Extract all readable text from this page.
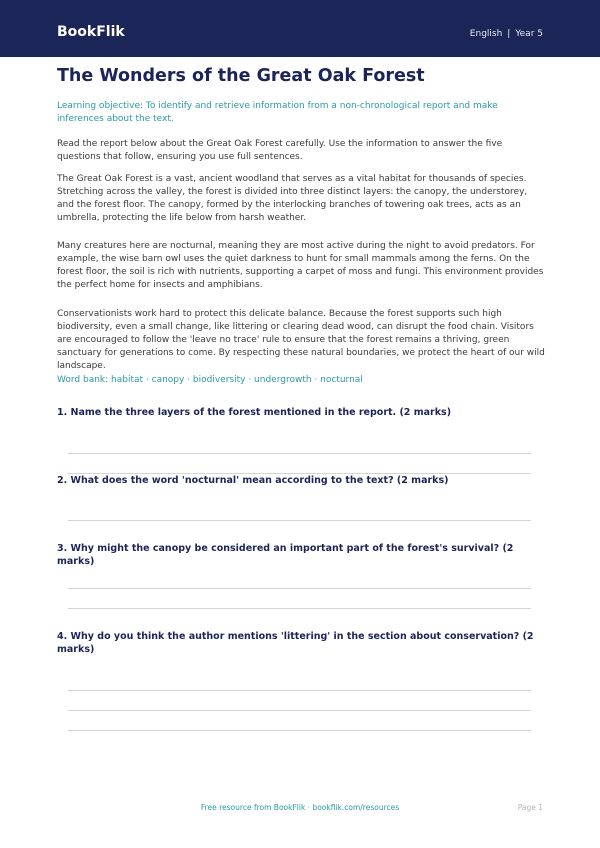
BookFlik	English | Year 5
The Wonders of the Great Oak Forest

Learning objective: To identify and retrieve information from a non-chronological report and make inferences about the text.

Read the report below about the Great Oak Forest carefully. Use the information to answer the five questions that follow, ensuring you use full sentences.

The Great Oak Forest is a vast, ancient woodland that serves as a vital habitat for thousands of species. Stretching across the valley, the forest is divided into three distinct layers: the canopy, the understorey, and the forest floor. The canopy, formed by the interlocking branches of towering oak trees, acts as an umbrella, protecting the life below from harsh weather.

Many creatures here are nocturnal, meaning they are most active during the night to avoid predators. For example, the wise barn owl uses the quiet darkness to hunt for small mammals among the ferns. On the forest floor, the soil is rich with nutrients, supporting a carpet of moss and fungi. This environment provides the perfect home for insects and amphibians.

Conservationists work hard to protect this delicate balance. Because the forest supports such high biodiversity, even a small change, like littering or clearing dead wood, can disrupt the food chain. Visitors are encouraged to follow the 'leave no trace' rule to ensure that the forest remains a thriving, green sanctuary for generations to come. By respecting these natural boundaries, we protect the heart of our wild landscape.

Word bank: habitat · canopy · biodiversity · undergrowth · nocturnal

1. Name the three layers of the forest mentioned in the report. (2 marks)

2. What does the word 'nocturnal' mean according to the text? (2 marks)

3. Why might the canopy be considered an important part of the forest's survival? (2 marks)

4. Why do you think the author mentions 'littering' in the section about conservation? (2 marks)

Free resource from BookFlik · bookflik.com/resources	Page 1
